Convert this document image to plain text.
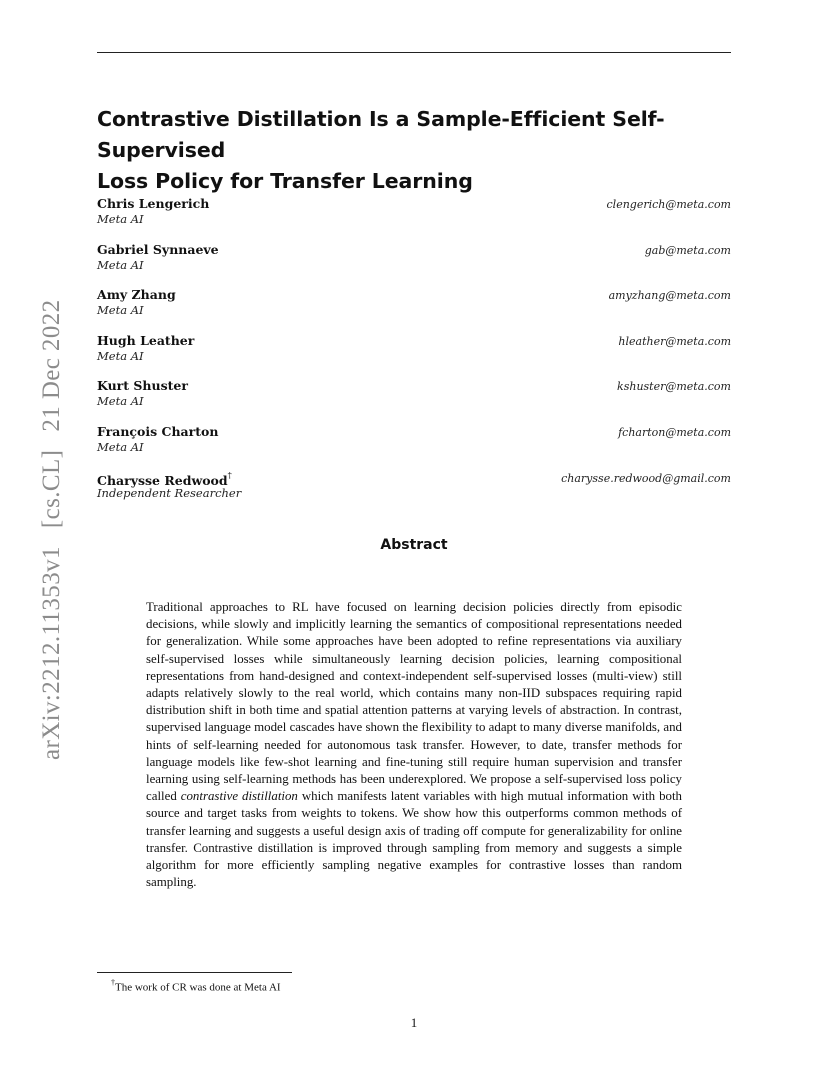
arXiv:2212.11353v1[cs.CL]21 Dec 2022
Contrastive Distillation Is a Sample-Efficient Self-Supervised
Loss Policy for Transfer Learning
Chris Lengerich
Meta AI
clengerich@meta.com
Gabriel Synnaeve
Meta AI
gab@meta.com
Amy Zhang
Meta AI
amyzhang@meta.com
Hugh Leather
Meta AI
hleather@meta.com
Kurt Shuster
Meta AI
kshuster@meta.com
François Charton
Meta AI
fcharton@meta.com
Charysse Redwood†
Independent Researcher
charysse.redwood@gmail.com
Abstract
Traditional approaches to RL have focused on learning decision policies directly from episodic decisions, while slowly and implicitly learning the semantics of compositional representations needed for generalization. While some approaches have been adopted to refine representations via auxiliary self-supervised losses while simultaneously learning decision policies, learning compositional representations from hand-designed and context-independent self-supervised losses (multi-view) still adapts relatively slowly to the real world, which contains many non-IID subspaces requiring rapid distribution shift in both time and spatial attention patterns at varying levels of abstraction. In contrast, supervised language model cascades have shown the flexibility to adapt to many diverse manifolds, and hints of self-learning needed for autonomous task transfer. However, to date, transfer methods for language models like few-shot learning and fine-tuning still require human supervision and transfer learning using self-learning methods has been underexplored. We propose a self-supervised loss policy called contrastive distillation which manifests latent variables with high mutual information with both source and target tasks from weights to tokens. We show how this outperforms common methods of transfer learning and suggests a useful design axis of trading off compute for generalizability for online transfer. Contrastive distillation is improved through sampling from memory and suggests a simple algorithm for more efficiently sampling negative examples for contrastive losses than random sampling.
†The work of CR was done at Meta AI
1
